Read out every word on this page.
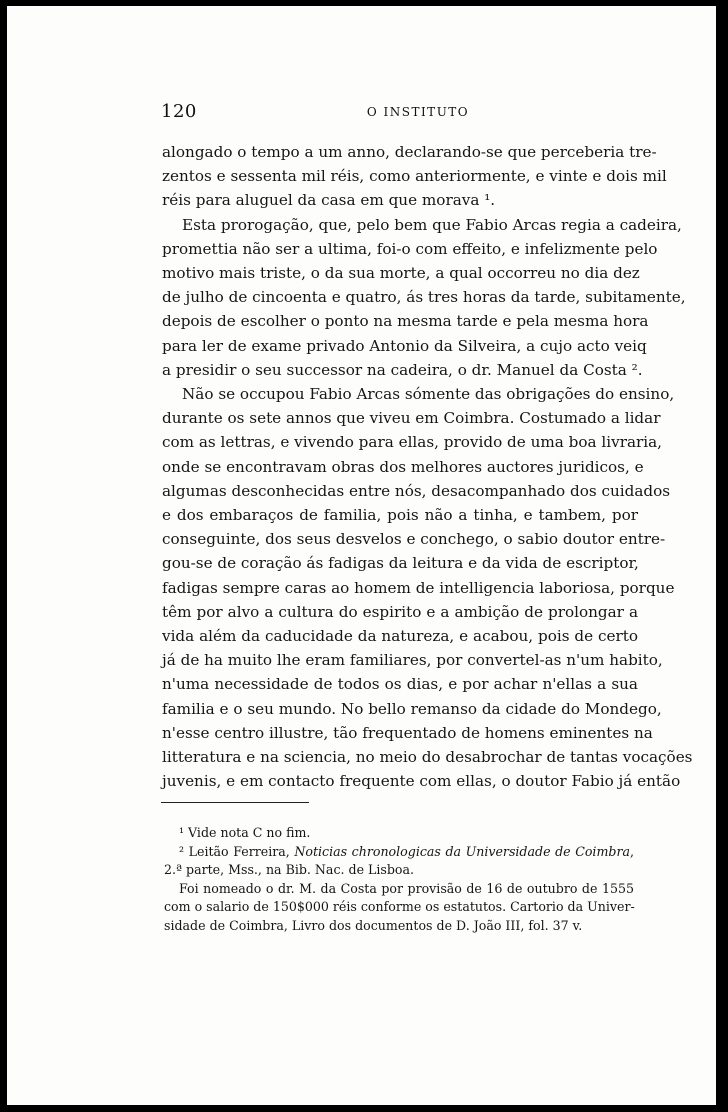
120	O INSTITUTO

alongado o tempo a um anno, declarando-se que perceberia tre-

zentos e sessenta mil réis, como anteriormente, e vinte e dois mil

réis para aluguel da casa em que morava ¹.

Esta prorogação, que, pelo bem que Fabio Arcas regia a cadeira,

promettia não ser a ultima, foi-o com effeito, e infelizmente pelo

motivo mais triste, o da sua morte, a qual occorreu no dia dez

de julho de cincoenta e quatro, ás tres horas da tarde, subitamente,

depois de escolher o ponto na mesma tarde e pela mesma hora

para ler de exame privado Antonio da Silveira, a cujo acto veiq

a presidir o seu successor na cadeira, o dr. Manuel da Costa ².

Não se occupou Fabio Arcas sómente das obrigações do ensino,

durante os sete annos que viveu em Coimbra. Costumado a lidar

com as lettras, e vivendo para ellas, provido de uma boa livraria,

onde se encontravam obras dos melhores auctores juridicos, e

algumas desconhecidas entre nós, desacompanhado dos cuidados

e dos embaraços de familia, pois não a tinha, e tambem, por

conseguinte, dos seus desvelos e conchego, o sabio doutor entre-

gou-se de coração ás fadigas da leitura e da vida de escriptor,

fadigas sempre caras ao homem de intelligencia laboriosa, porque

têm por alvo a cultura do espirito e a ambição de prolongar a

vida além da caducidade da natureza, e acabou, pois de certo

já de ha muito lhe eram familiares, por convertel-as n'um habito,

n'uma necessidade de todos os dias, e por achar n'ellas a sua

familia e o seu mundo. No bello remanso da cidade do Mondego,

n'esse centro illustre, tão frequentado de homens eminentes na

litteratura e na sciencia, no meio do desabrochar de tantas vocações

juvenis, e em contacto frequente com ellas, o doutor Fabio já então

¹ Vide nota C no fim.

² Leitão Ferreira, Noticias chronologicas da Universidade de Coimbra,

2.ª parte, Mss., na Bib. Nac. de Lisboa.

Foi nomeado o dr. M. da Costa por provisão de 16 de outubro de 1555

com o salario de 150$000 réis conforme os estatutos. Cartorio da Univer-

sidade de Coimbra, Livro dos documentos de D. João III, fol. 37 v.
